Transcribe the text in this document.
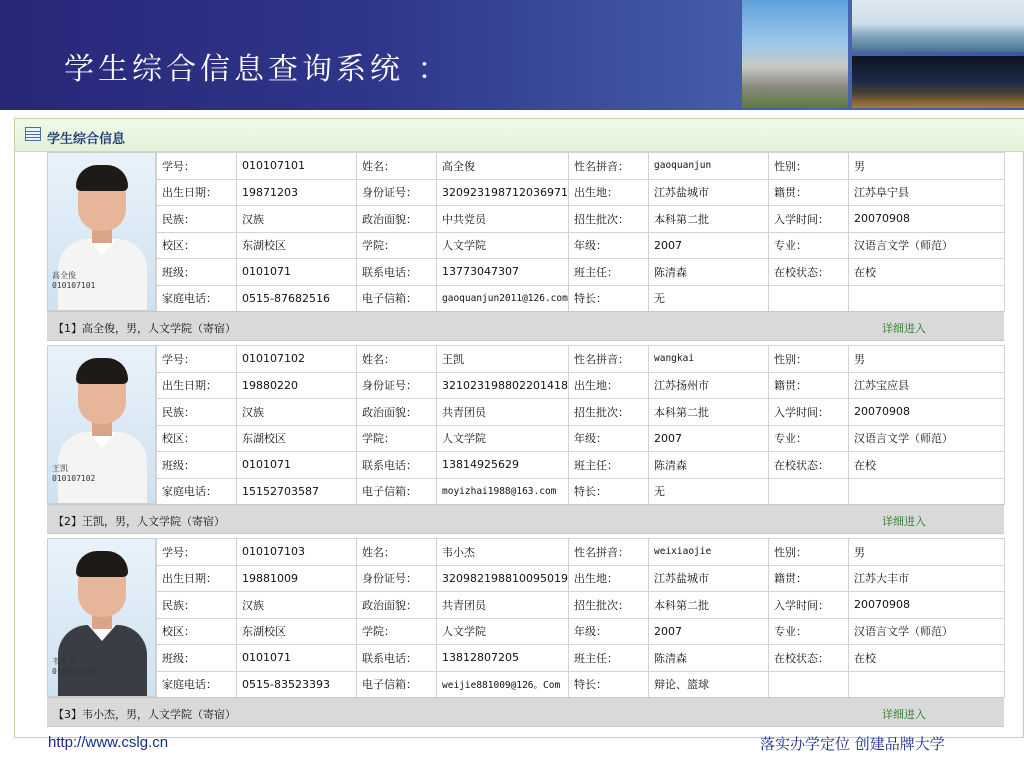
学生综合信息查询系统 ：
学生综合信息
高全俊
010107101
学号：	010107101	姓名：	高全俊	性名拼音：	gaoquanjun	性别：	男
出生日期：	19871203	身份证号：	320923198712036971	出生地：	江苏盐城市	籍贯：	江苏阜宁县
民族：	汉族	政治面貌：	中共党员	招生批次：	本科第二批	入学时间：	20070908
校区：	东湖校区	学院：	人文学院	年级：	2007	专业：	汉语言文学（师范）
班级：	0101071	联系电话：	13773047307	班主任：	陈清森	在校状态：	在校
家庭电话：	0515-87682516	电子信箱：	gaoquanjun2011@126.com	特长：	无		
【1】高全俊，男，人文学院（寄宿）	详细进入
王凯
010107102
学号：	010107102	姓名：	王凯	性名拼音：	wangkai	性别：	男
出生日期：	19880220	身份证号：	321023198802201418	出生地：	江苏扬州市	籍贯：	江苏宝应县
民族：	汉族	政治面貌：	共青团员	招生批次：	本科第二批	入学时间：	20070908
校区：	东湖校区	学院：	人文学院	年级：	2007	专业：	汉语言文学（师范）
班级：	0101071	联系电话：	13814925629	班主任：	陈清森	在校状态：	在校
家庭电话：	15152703587	电子信箱：	moyizhai1988@163.com	特长：	无		
【2】王凯，男，人文学院（寄宿）	详细进入
韦小杰
010107103
学号：	010107103	姓名：	韦小杰	性名拼音：	weixiaojie	性别：	男
出生日期：	19881009	身份证号：	320982198810095019	出生地：	江苏盐城市	籍贯：	江苏大丰市
民族：	汉族	政治面貌：	共青团员	招生批次：	本科第二批	入学时间：	20070908
校区：	东湖校区	学院：	人文学院	年级：	2007	专业：	汉语言文学（师范）
班级：	0101071	联系电话：	13812807205	班主任：	陈清森	在校状态：	在校
家庭电话：	0515-83523393	电子信箱：	weijie881009@126。Com	特长：	辩论、篮球		
【3】韦小杰，男，人文学院（寄宿）	详细进入
http://www.cslg.cn	落实办学定位 创建品牌大学
